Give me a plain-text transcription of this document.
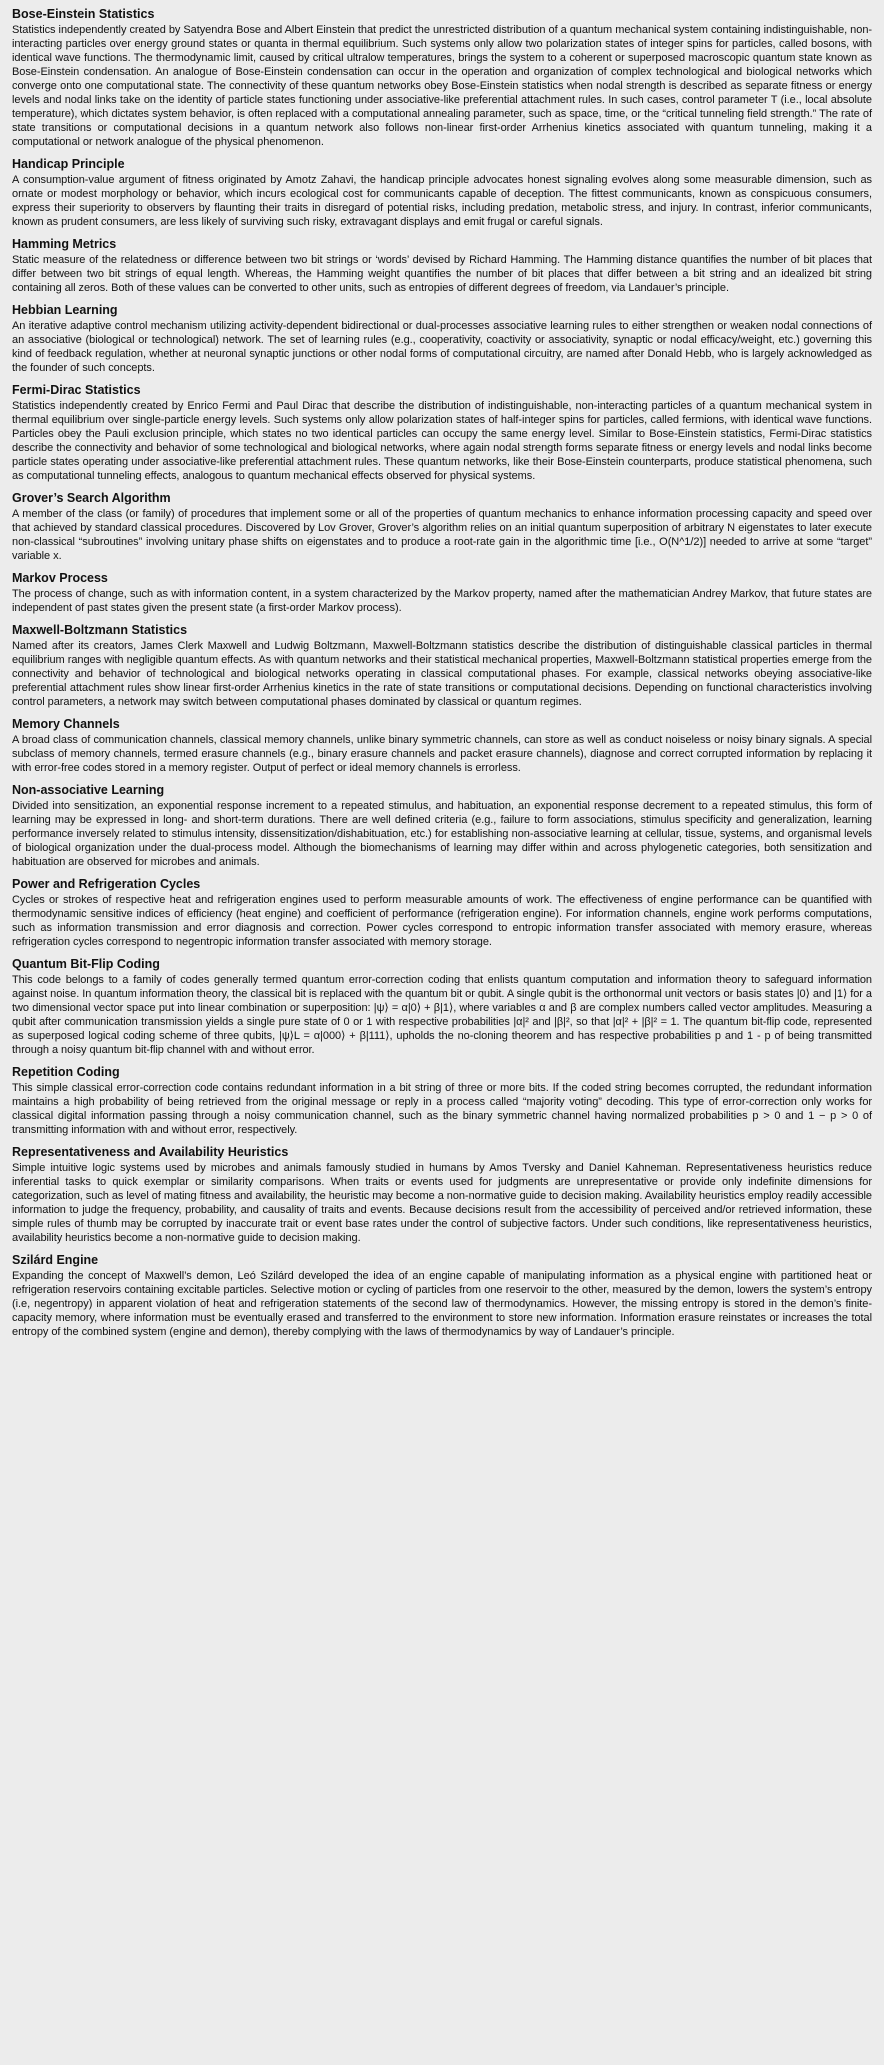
Bose-Einstein Statistics

Statistics independently created by Satyendra Bose and Albert Einstein that predict the unrestricted distribution of a quantum mechanical system containing indistinguishable, non-interacting particles over energy ground states or quanta in thermal equilibrium. Such systems only allow two polarization states of integer spins for particles, called bosons, with identical wave functions. The thermodynamic limit, caused by critical ultralow temperatures, brings the system to a coherent or superposed macroscopic quantum state known as Bose-Einstein condensation. An analogue of Bose-Einstein condensation can occur in the operation and organization of complex technological and biological networks which converge onto one computational state. The connectivity of these quantum networks obey Bose-Einstein statistics when nodal strength is described as separate fitness or energy levels and nodal links take on the identity of particle states functioning under associative-like preferential attachment rules. In such cases, control parameter T (i.e., local absolute temperature), which dictates system behavior, is often replaced with a computational annealing parameter, such as space, time, or the “critical tunneling field strength.” The rate of state transitions or computational decisions in a quantum network also follows non-linear first-order Arrhenius kinetics associated with quantum tunneling, making it a computational or network analogue of the physical phenomenon.

Handicap Principle

A consumption-value argument of fitness originated by Amotz Zahavi, the handicap principle advocates honest signaling evolves along some measurable dimension, such as ornate or modest morphology or behavior, which incurs ecological cost for communicants capable of deception. The fittest communicants, known as conspicuous consumers, express their superiority to observers by flaunting their traits in disregard of potential risks, including predation, metabolic stress, and injury. In contrast, inferior communicants, known as prudent consumers, are less likely of surviving such risky, extravagant displays and emit frugal or careful signals.

Hamming Metrics

Static measure of the relatedness or difference between two bit strings or ‘words’ devised by Richard Hamming. The Hamming distance quantifies the number of bit places that differ between two bit strings of equal length. Whereas, the Hamming weight quantifies the number of bit places that differ between a bit string and an idealized bit string containing all zeros. Both of these values can be converted to other units, such as entropies of different degrees of freedom, via Landauer’s principle.

Hebbian Learning

An iterative adaptive control mechanism utilizing activity-dependent bidirectional or dual-processes associative learning rules to either strengthen or weaken nodal connections of an associative (biological or technological) network. The set of learning rules (e.g., cooperativity, coactivity or associativity, synaptic or nodal efficacy/weight, etc.) governing this kind of feedback regulation, whether at neuronal synaptic junctions or other nodal forms of computational circuitry, are named after Donald Hebb, who is largely acknowledged as the founder of such concepts.

Fermi-Dirac Statistics

Statistics independently created by Enrico Fermi and Paul Dirac that describe the distribution of indistinguishable, non-interacting particles of a quantum mechanical system in thermal equilibrium over single-particle energy levels. Such systems only allow polarization states of half-integer spins for particles, called fermions, with identical wave functions. Particles obey the Pauli exclusion principle, which states no two identical particles can occupy the same energy level. Similar to Bose-Einstein statistics, Fermi-Dirac statistics describe the connectivity and behavior of some technological and biological networks, where again nodal strength forms separate fitness or energy levels and nodal links become particle states operating under associative-like preferential attachment rules. These quantum networks, like their Bose-Einstein counterparts, produce statistical phenomena, such as computational tunneling effects, analogous to quantum mechanical effects observed for physical systems.

Grover’s Search Algorithm

A member of the class (or family) of procedures that implement some or all of the properties of quantum mechanics to enhance information processing capacity and speed over that achieved by standard classical procedures. Discovered by Lov Grover, Grover’s algorithm relies on an initial quantum superposition of arbitrary N eigenstates to later execute non-classical “subroutines” involving unitary phase shifts on eigenstates and to produce a root-rate gain in the algorithmic time [i.e., O(N^1/2)] needed to arrive at some “target” variable x.

Markov Process

The process of change, such as with information content, in a system characterized by the Markov property, named after the mathematician Andrey Markov, that future states are independent of past states given the present state (a first-order Markov process).

Maxwell-Boltzmann Statistics

Named after its creators, James Clerk Maxwell and Ludwig Boltzmann, Maxwell-Boltzmann statistics describe the distribution of distinguishable classical particles in thermal equilibrium ranges with negligible quantum effects. As with quantum networks and their statistical mechanical properties, Maxwell-Boltzmann statistical properties emerge from the connectivity and behavior of technological and biological networks operating in classical computational phases. For example, classical networks obeying associative-like preferential attachment rules show linear first-order Arrhenius kinetics in the rate of state transitions or computational decisions. Depending on functional characteristics involving control parameters, a network may switch between computational phases dominated by classical or quantum regimes.

Memory Channels

A broad class of communication channels, classical memory channels, unlike binary symmetric channels, can store as well as conduct noiseless or noisy binary signals. A special subclass of memory channels, termed erasure channels (e.g., binary erasure channels and packet erasure channels), diagnose and correct corrupted information by replacing it with error-free codes stored in a memory register. Output of perfect or ideal memory channels is errorless.

Non-associative Learning

Divided into sensitization, an exponential response increment to a repeated stimulus, and habituation, an exponential response decrement to a repeated stimulus, this form of learning may be expressed in long- and short-term durations. There are well defined criteria (e.g., failure to form associations, stimulus specificity and generalization, learning performance inversely related to stimulus intensity, dissensitization/dishabituation, etc.) for establishing non-associative learning at cellular, tissue, systems, and organismal levels of biological organization under the dual-process model. Although the biomechanisms of learning may differ within and across phylogenetic categories, both sensitization and habituation are observed for microbes and animals.

Power and Refrigeration Cycles

Cycles or strokes of respective heat and refrigeration engines used to perform measurable amounts of work. The effectiveness of engine performance can be quantified with thermodynamic sensitive indices of efficiency (heat engine) and coefficient of performance (refrigeration engine). For information channels, engine work performs computations, such as information transmission and error diagnosis and correction. Power cycles correspond to entropic information transfer associated with memory erasure, whereas refrigeration cycles correspond to negentropic information transfer associated with memory storage.

Quantum Bit-Flip Coding

This code belongs to a family of codes generally termed quantum error-correction coding that enlists quantum computation and information theory to safeguard information against noise. In quantum information theory, the classical bit is replaced with the quantum bit or qubit. A single qubit is the orthonormal unit vectors or basis states |0⟩ and |1⟩ for a two dimensional vector space put into linear combination or superposition: |ψ⟩ = α|0⟩ + β|1⟩, where variables α and β are complex numbers called vector amplitudes. Measuring a qubit after communication transmission yields a single pure state of 0 or 1 with respective probabilities |α|² and |β|², so that |α|² + |β|² = 1. The quantum bit-flip code, represented as superposed logical coding scheme of three qubits, |ψ⟩L = α|000⟩ + β|111⟩, upholds the no-cloning theorem and has respective probabilities p and 1 - p of being transmitted through a noisy quantum bit-flip channel with and without error.

Repetition Coding

This simple classical error-correction code contains redundant information in a bit string of three or more bits. If the coded string becomes corrupted, the redundant information maintains a high probability of being retrieved from the original message or reply in a process called “majority voting” decoding. This type of error-correction only works for classical digital information passing through a noisy communication channel, such as the binary symmetric channel having normalized probabilities p > 0 and 1 − p > 0 of transmitting information with and without error, respectively.

Representativeness and Availability Heuristics

Simple intuitive logic systems used by microbes and animals famously studied in humans by Amos Tversky and Daniel Kahneman. Representativeness heuristics reduce inferential tasks to quick exemplar or similarity comparisons. When traits or events used for judgments are unrepresentative or provide only indefinite dimensions for categorization, such as level of mating fitness and availability, the heuristic may become a non-normative guide to decision making. Availability heuristics employ readily accessible information to judge the frequency, probability, and causality of traits and events. Because decisions result from the accessibility of perceived and/or retrieved information, these simple rules of thumb may be corrupted by inaccurate trait or event base rates under the control of subjective factors. Under such conditions, like representativeness heuristics, availability heuristics become a non-normative guide to decision making.

Szilárd Engine

Expanding the concept of Maxwell’s demon, Leó Szilárd developed the idea of an engine capable of manipulating information as a physical engine with partitioned heat or refrigeration reservoirs containing excitable particles. Selective motion or cycling of particles from one reservoir to the other, measured by the demon, lowers the system’s entropy (i.e, negentropy) in apparent violation of heat and refrigeration statements of the second law of thermodynamics. However, the missing entropy is stored in the demon’s finite-capacity memory, where information must be eventually erased and transferred to the environment to store new information. Information erasure reinstates or increases the total entropy of the combined system (engine and demon), thereby complying with the laws of thermodynamics by way of Landauer’s principle.
